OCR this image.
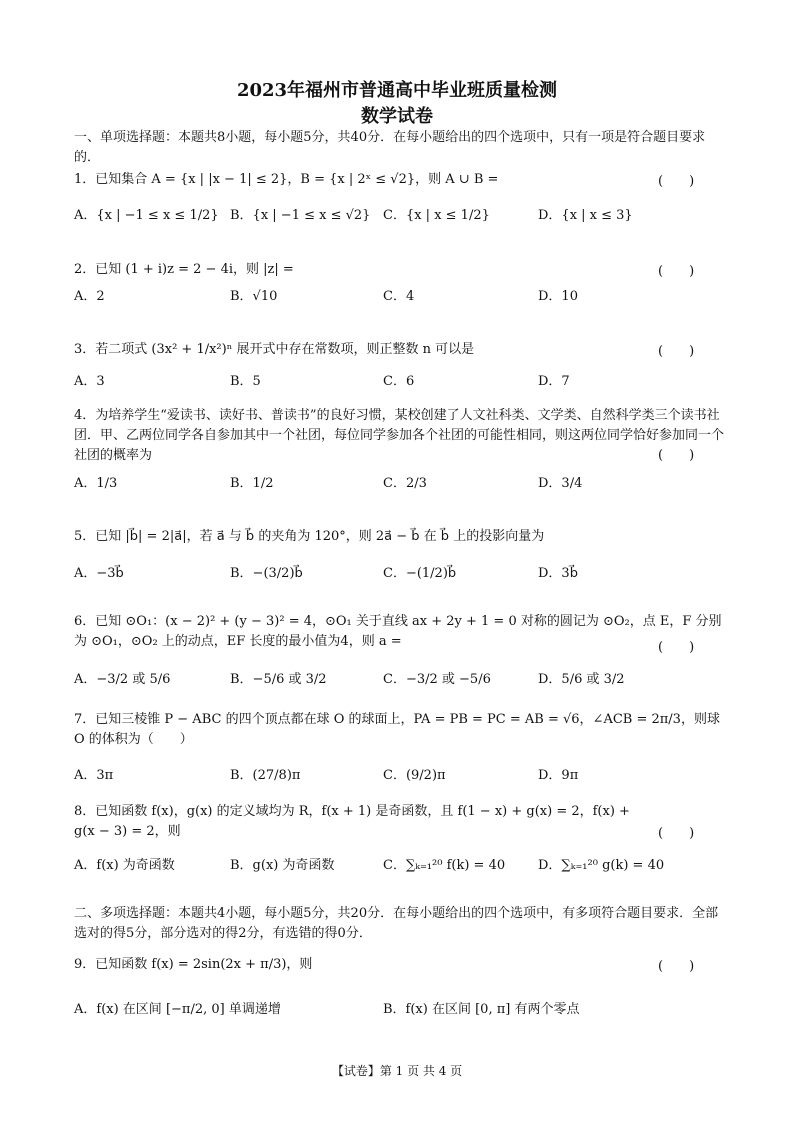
2023年福州市普通高中毕业班质量检测
数学试卷
一、单项选择题：本题共8小题，每小题5分，共40分．在每小题给出的四个选项中，只有一项是符合题目要求的．
1．已知集合 A = {x | |x − 1| ≤ 2}，B = {x | 2ˣ ≤ √2}，则 A ∪ B =	(　　)
A．{x | −1 ≤ x ≤ 1/2} B．{x | −1 ≤ x ≤ √2} C．{x | x ≤ 1/2}	D．{x | x ≤ 3}
2．已知 (1 + i)z = 2 − 4i，则 |z| =	(　　)
A．2	B．√10	C．4	D．10
3．若二项式 (3x² + 1/x²)ⁿ 展开式中存在常数项，则正整数 n 可以是	(　　)
A．3	B．5	C．6	D．7
4．为培养学生“爱读书、读好书、普读书”的良好习惯，某校创建了人文社科类、文学类、自然科学类三个读书社团．甲、乙两位同学各自参加其中一个社团，每位同学参加各个社团的可能性相同，则这两位同学恰好参加同一个社团的概率为	(　　)
A．1/3	B．1/2	C．2/3	D．3/4
5．已知 |b⃗| = 2|a⃗|，若 a⃗ 与 b⃗ 的夹角为 120°，则 2a⃗ − b⃗ 在 b⃗ 上的投影向量为
A．−3b⃗	B．−(3/2)b⃗	C．−(1/2)b⃗	D．3b⃗
6．已知 ⊙O₁：(x − 2)² + (y − 3)² = 4，⊙O₁ 关于直线 ax + 2y + 1 = 0 对称的圆记为 ⊙O₂，点 E，F 分别为 ⊙O₁，⊙O₂ 上的动点，EF 长度的最小值为4，则 a =	(　　)
A．−3/2 或 5/6	B．−5/6 或 3/2	C．−3/2 或 −5/6	D．5/6 或 3/2
7．已知三棱锥 P − ABC 的四个顶点都在球 O 的球面上，PA = PB = PC = AB = √6，∠ACB = 2π/3，则球 O 的体积为（　　）
A．3π	B．(27/8)π	C．(9/2)π	D．9π
8．已知函数 f(x)，g(x) 的定义域均为 R，f(x + 1) 是奇函数，且 f(1 − x) + g(x) = 2，f(x) + g(x − 3) = 2，则	(　　)
A．f(x) 为奇函数	B．g(x) 为奇函数	C．∑ₖ₌₁²⁰ f(k) = 40	D．∑ₖ₌₁²⁰ g(k) = 40
二、多项选择题：本题共4小题，每小题5分，共20分．在每小题给出的四个选项中，有多项符合题目要求．全部选对的得5分，部分选对的得2分，有选错的得0分．
9．已知函数 f(x) = 2sin(2x + π/3)，则	(　　)
A．f(x) 在区间 [−π/2, 0] 单调递增	B．f(x) 在区间 [0, π] 有两个零点
【试卷】第 1 页 共 4 页
